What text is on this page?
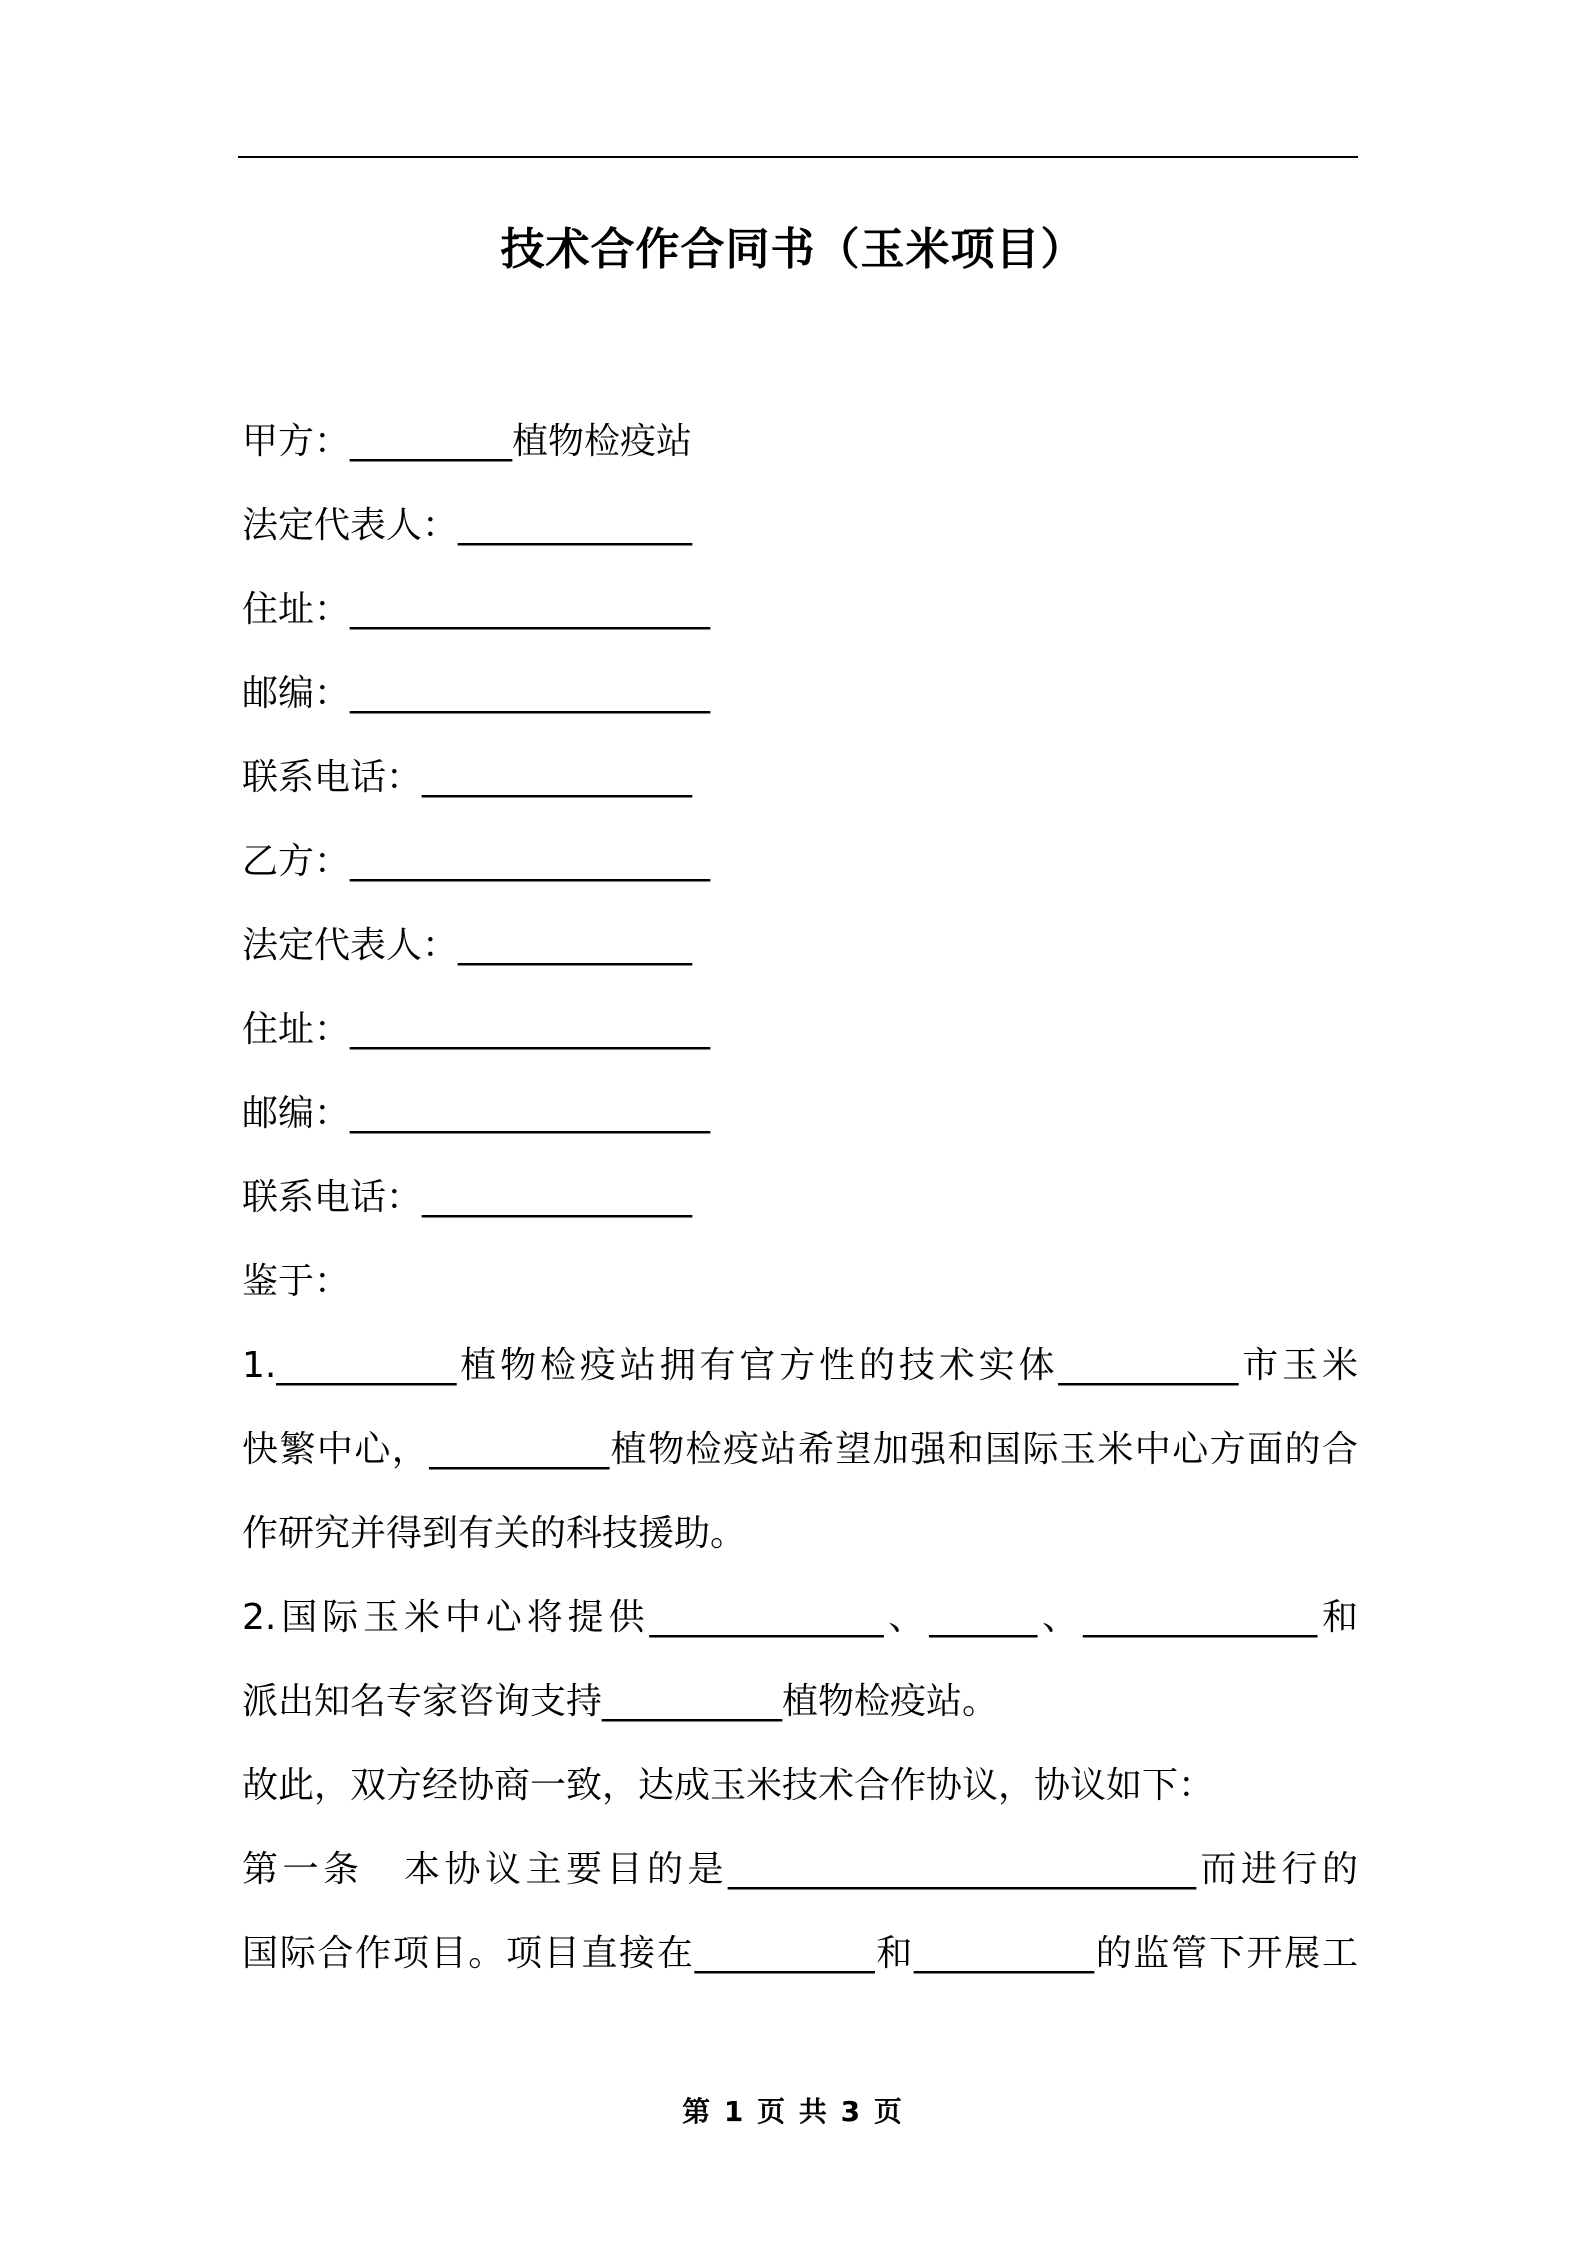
技术合作合同书（玉米项目）
甲方：_________植物检疫站
法定代表人：_____________
住址：____________________
邮编：____________________
联系电话：_______________
乙方：____________________
法定代表人：_____________
住址：____________________
邮编：____________________
联系电话：_______________
鉴于：
1.__________植物检疫站拥有官方性的技术实体__________市玉米
快繁中心，__________植物检疫站希望加强和国际玉米中心方面的合
作研究并得到有关的科技援助。
2.国际玉米中心将提供_____________、______、_____________和
派出知名专家咨询支持__________植物检疫站。
故此，双方经协商一致，达成玉米技术合作协议，协议如下：
第一条　本协议主要目的是__________________________而进行的
国际合作项目。项目直接在__________和__________的监管下开展工
第 1 页 共 3 页
